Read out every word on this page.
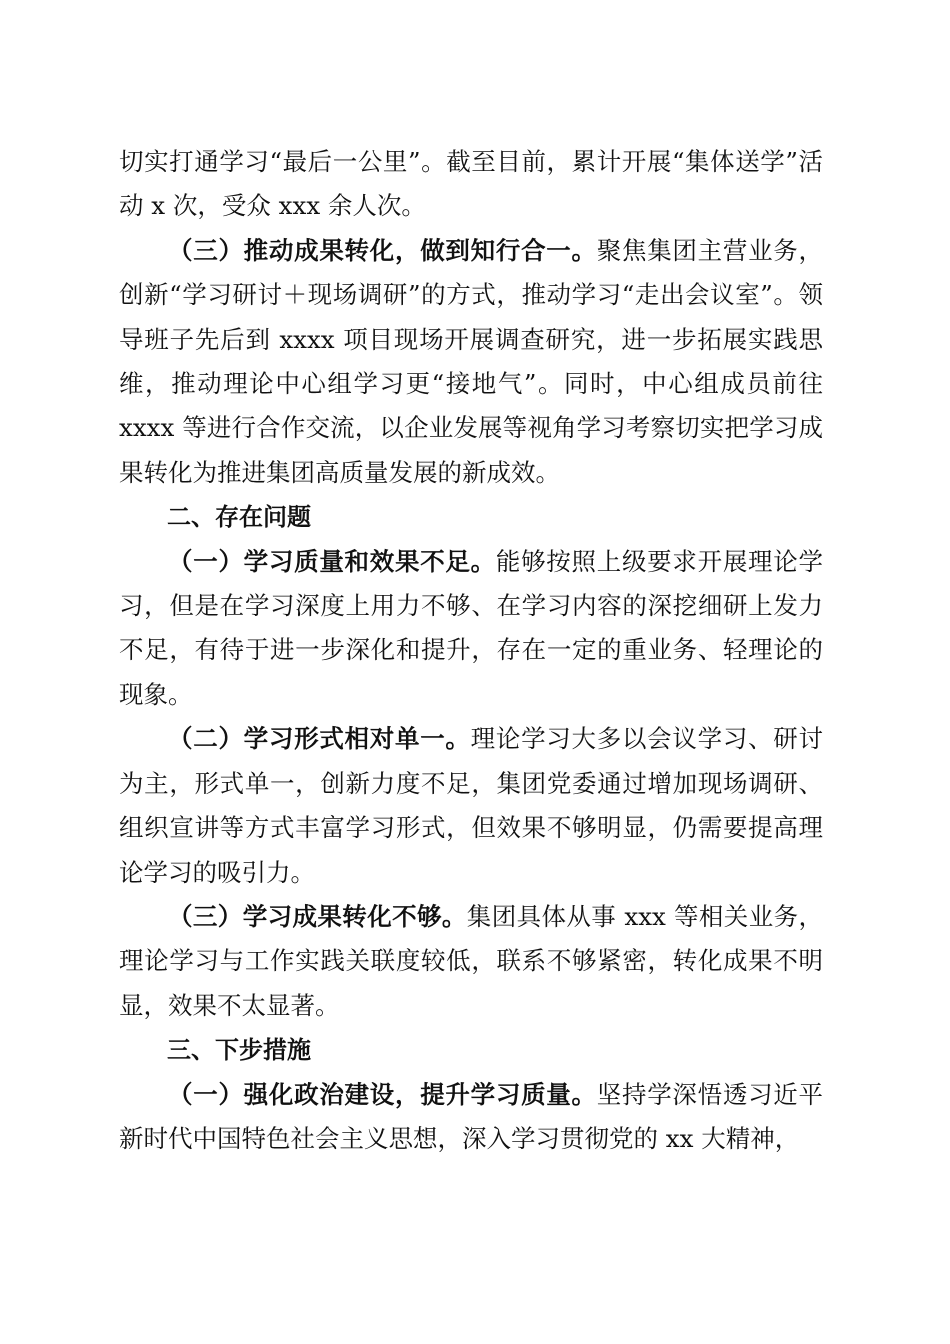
切实打通学习“最后一公里”。截至目前，累计开展“集体送学”活动 x 次，受众 xxx 余人次。

（三）推动成果转化，做到知行合一。聚焦集团主营业务，创新“学习研讨＋现场调研”的方式，推动学习“走出会议室”。领导班子先后到 xxxx 项目现场开展调查研究，进一步拓展实践思维，推动理论中心组学习更“接地气”。同时，中心组成员前往 xxxx 等进行合作交流，以企业发展等视角学习考察切实把学习成果转化为推进集团高质量发展的新成效。

二、存在问题

（一）学习质量和效果不足。能够按照上级要求开展理论学习，但是在学习深度上用力不够、在学习内容的深挖细研上发力不足，有待于进一步深化和提升，存在一定的重业务、轻理论的现象。

（二）学习形式相对单一。理论学习大多以会议学习、研讨为主，形式单一，创新力度不足，集团党委通过增加现场调研、组织宣讲等方式丰富学习形式，但效果不够明显，仍需要提高理论学习的吸引力。

（三）学习成果转化不够。集团具体从事 xxx 等相关业务，理论学习与工作实践关联度较低，联系不够紧密，转化成果不明显，效果不太显著。

三、下步措施

（一）强化政治建设，提升学习质量。坚持学深悟透习近平新时代中国特色社会主义思想，深入学习贯彻党的 xx 大精神，
